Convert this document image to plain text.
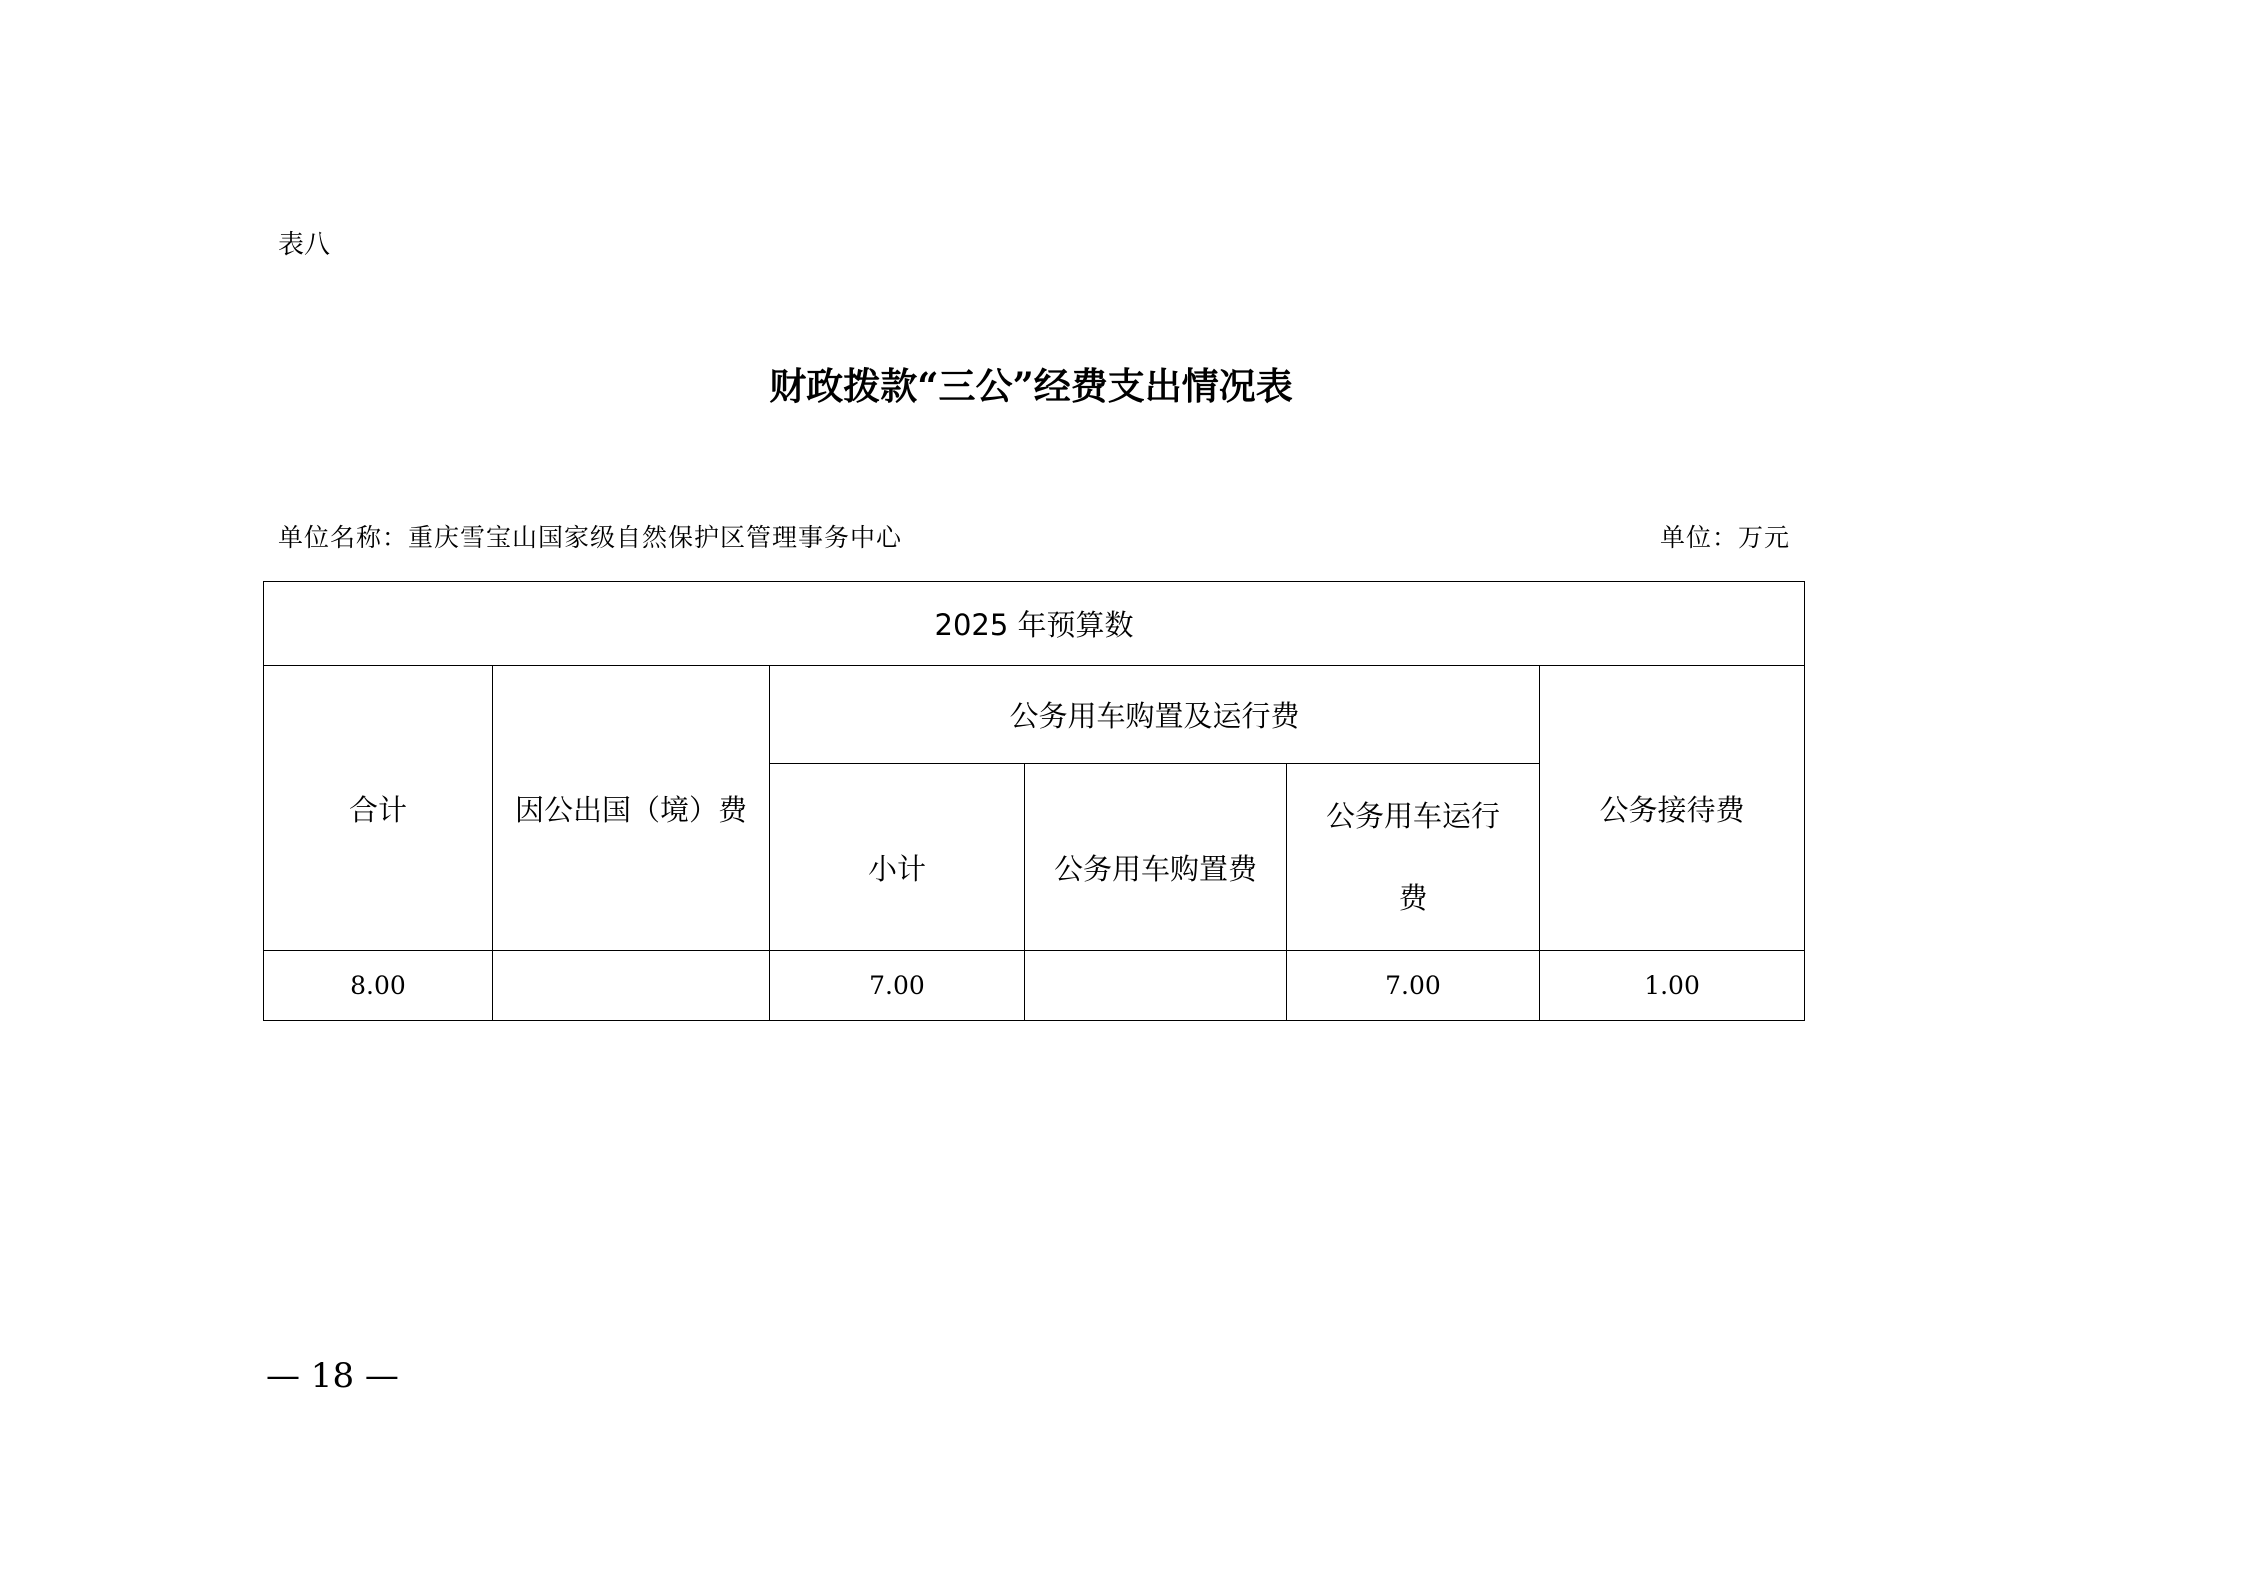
表八
财政拨款“三公”经费支出情况表
单位名称：重庆雪宝山国家级自然保护区管理事务中心	单位：万元
2025 年预算数					
合计	因公出国（境）费	公务用车购置及运行费			公务接待费
		小计	公务用车购置费	公务用车运行
费	

8.00		7.00		7.00	1.00
— 18 —
